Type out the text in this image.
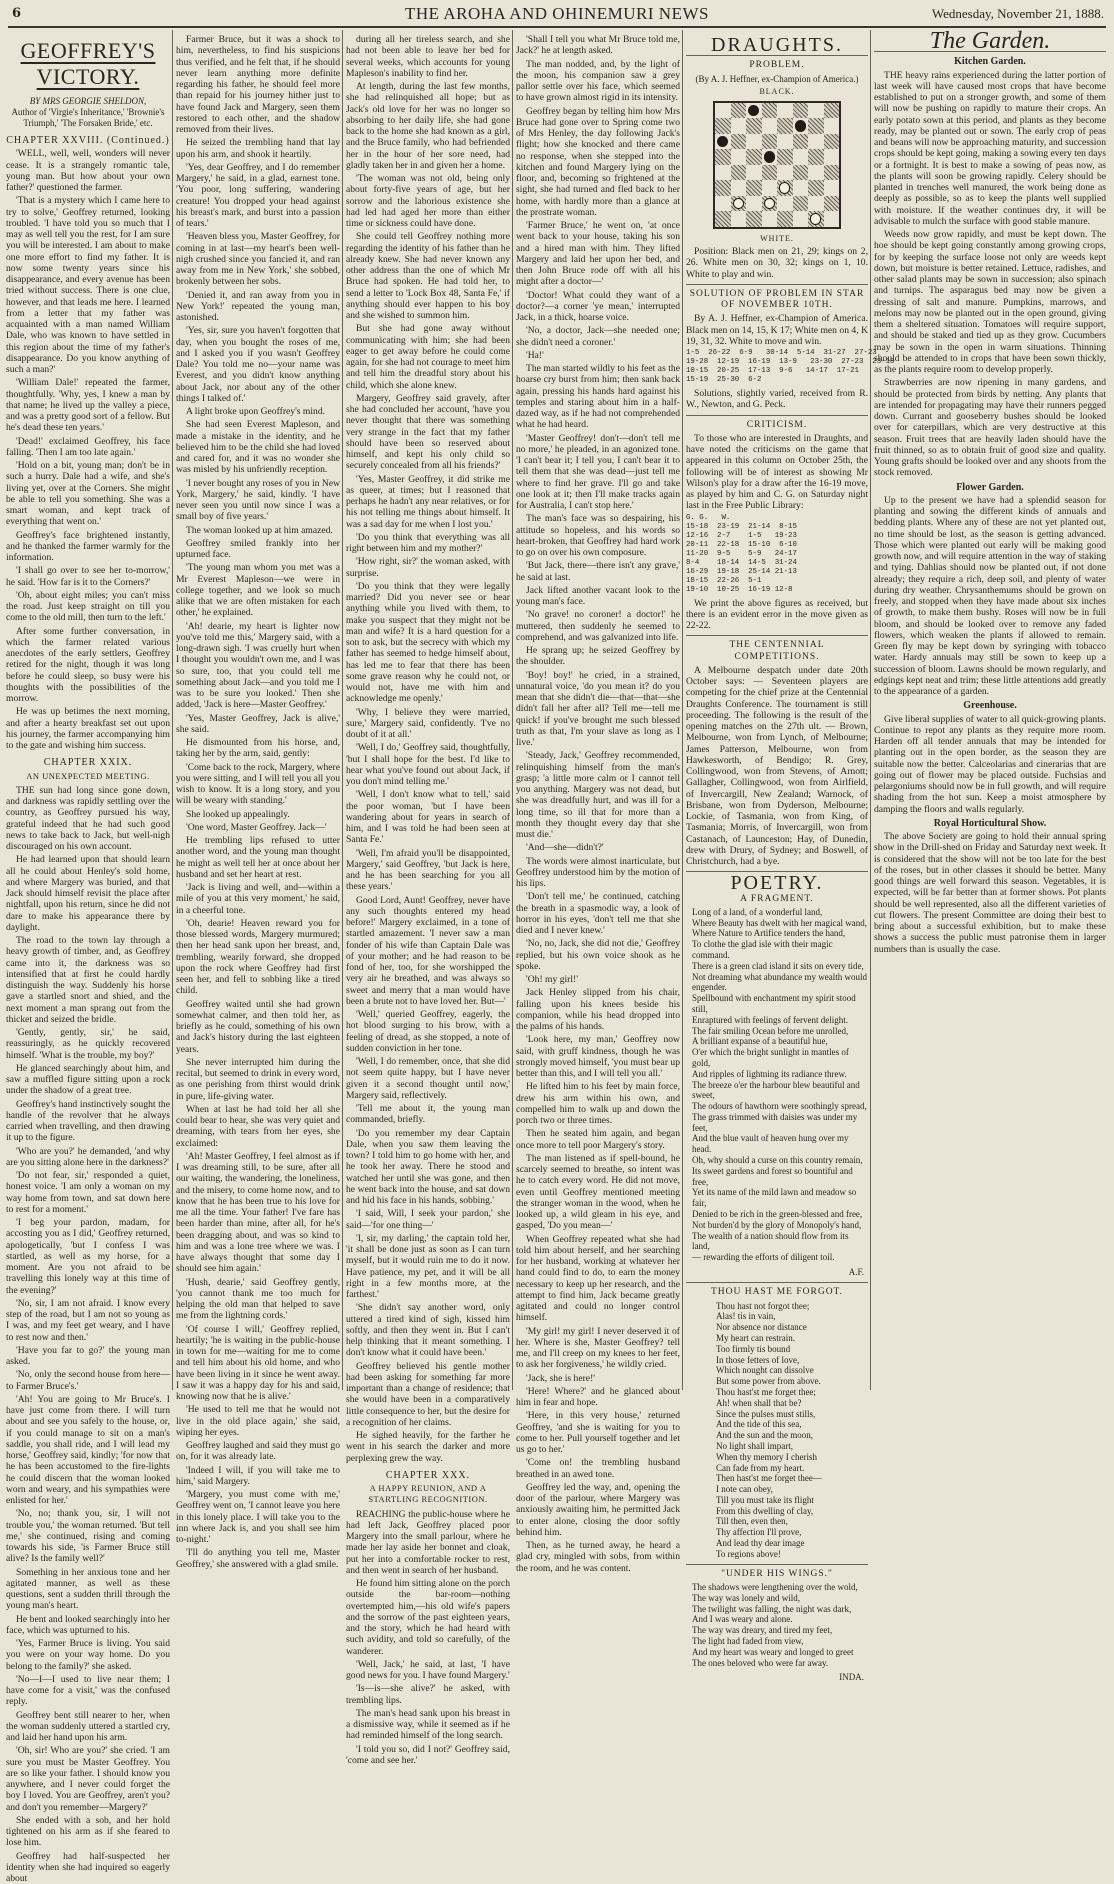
6	THE AROHA AND OHINEMURI NEWS	Wednesday, November 21, 1888.
GEOFFREY'S VICTORY.
BY MRS GEORGIE SHELDON,
Author of 'Virgie's Inheritance,' 'Brownie's Triumph,' 'The Forsaken Bride,' etc.
CHAPTER XXVIII. (Continued.)

'WELL, well, well, wonders will never cease. It is a strangely romantic tale, young man. But how about your own father?' questioned the farmer.

'That is a mystery which I came here to try to solve,' Geoffrey returned, looking troubled. 'I have told you so much that I may as well tell you the rest, for I am sure you will be interested. I am about to make one more effort to find my father. It is now some twenty years since his disappearance, and every avenue has been tried without success. There is one clue, however, and that leads me here. I learned from a letter that my father was acquainted with a man named William Dale, who was known to have settled in this region about the time of my father's disappearance. Do you know anything of such a man?'

'William Dale!' repeated the farmer, thoughtfully. 'Why, yes, I knew a man by that name; he lived up the valley a piece, and was a pretty good sort of a fellow. But he's dead these ten years.'

'Dead!' exclaimed Geoffrey, his face falling. 'Then I am too late again.'

'Hold on a bit, young man; don't be in such a hurry. Dale had a wife, and she's living yet, over at the Corners. She might be able to tell you something. She was a smart woman, and kept track of everything that went on.'

Geoffrey's face brightened instantly, and he thanked the farmer warmly for the information.

'I shall go over to see her to-morrow,' he said. 'How far is it to the Corners?'

'Oh, about eight miles; you can't miss the road. Just keep straight on till you come to the old mill, then turn to the left.'

After some further conversation, in which the farmer related various anecdotes of the early settlers, Geoffrey retired for the night, though it was long before he could sleep, so busy were his thoughts with the possibilities of the morrow.

He was up betimes the next morning, and after a hearty breakfast set out upon his journey, the farmer accompanying him to the gate and wishing him success.

CHAPTER XXIX.
AN UNEXPECTED MEETING.

THE sun had long since gone down, and darkness was rapidly settling over the country, as Geoffrey pursued his way, grateful indeed that he had such good news to take back to Jack, but well-nigh discouraged on his own account.

He had learned upon that should learn all he could about Henley's sold home, and where Margery was buried, and that Jack should himself revisit the place after nightfall, upon his return, since he did not dare to make his appearance there by daylight.

The road to the town lay through a heavy growth of timber, and, as Geoffrey came into it, the darkness was so intensified that at first he could hardly distinguish the way. Suddenly his horse gave a startled snort and shied, and the next moment a man sprang out from the thicket and seized the bridle.

'Gently, gently, sir,' he said, reassuringly, as he quickly recovered himself. 'What is the trouble, my boy?'

He glanced searchingly about him, and saw a muffled figure sitting upon a rock under the shadow of a great tree.

Geoffrey's hand instinctively sought the handle of the revolver that he always carried when travelling, and then drawing it up to the figure.

'Who are you?' he demanded, 'and why are you sitting alone here in the darkness?'

'Do not fear, sir,' responded a quiet, honest voice. 'I am only a woman on my way home from town, and sat down here to rest for a moment.'

'I beg your pardon, madam, for accosting you as I did,' Geoffrey returned, apologetically, 'but I confess I was startled, as well as my horse, for a moment. Are you not afraid to be travelling this lonely way at this time of the evening?'

'No, sir, I am not afraid. I know every step of the road, but I am not so young as I was, and my feet get weary, and I have to rest now and then.'

'Have you far to go?' the young man asked.

'No, only the second house from here—to Farmer Bruce's.'

'Ah! You are going to Mr Bruce's. I have just come from there. I will turn about and see you safely to the house, or, if you could manage to sit on a man's saddle, you shall ride, and I will lead my horse,' Geoffrey said, kindly; 'for now that he has been accustomed to the fire-lights he could discern that the woman looked worn and weary, and his sympathies were enlisted for her.'

'No, no; thank you, sir, I will not trouble you,' the woman returned. 'But tell me,' she continued, rising and coming towards his side, 'is Farmer Bruce still alive? Is the family well?'

Something in her anxious tone and her agitated manner, as well as these questions, sent a sudden thrill through the young man's heart.

He bent and looked searchingly into her face, which was upturned to his.

'Yes, Farmer Bruce is living. You said you were on your way home. Do you belong to the family?' she asked.

'No—I—I used to live near them; I have come for a visit,' was the confused reply.

Geoffrey bent still nearer to her, when the woman suddenly uttered a startled cry, and laid her hand upon his arm.

'Oh, sir! Who are you?' she cried. 'I am sure you must be Master Geoffrey. You are so like your father. I should know you anywhere, and I never could forget the boy I loved. You are Geoffrey, aren't you? and don't you remember—Margery?'

She ended with a sob, and her hold tightened on his arm as if she feared to lose him.

Geoffrey had half-suspected her identity when she had inquired so eagerly about

Farmer Bruce, but it was a shock to him, nevertheless, to find his suspicions thus verified, and he felt that, if he should never learn anything more definite regarding his father, he should feel more than repaid for his journey hither just to have found Jack and Margery, seen them restored to each other, and the shadow removed from their lives.

He seized the trembling hand that lay upon his arm, and shook it heartily.

'Yes, dear Geoffrey, and I do remember Margery,' he said, in a glad, earnest tone. 'You poor, long suffering, wandering creature! You dropped your head against his breast's mark, and burst into a passion of tears.'

'Heaven bless you, Master Geoffrey, for coming in at last—my heart's been well-nigh crushed since you fancied it, and ran away from me in New York,' she sobbed, brokenly between her sobs.

'Denied it, and ran away from you in New York!' repeated the young man, astonished.

'Yes, sir, sure you haven't forgotten that day, when you bought the roses of me, and I asked you if you wasn't Geoffrey Dale? You told me no—your name was Everest, and you didn't know anything about Jack, nor about any of the other things I talked of.'

A light broke upon Geoffrey's mind.

She had seen Everest Mapleson, and made a mistake in the identity, and he believed him to be the child she had loved and cared for, and it was no wonder she was misled by his unfriendly reception.

'I never bought any roses of you in New York, Margery,' he said, kindly. 'I have never seen you until now since I was a small boy of five years.'

The woman looked up at him amazed.

Geoffrey smiled frankly into her upturned face.

'The young man whom you met was a Mr Everest Mapleson—we were in college together, and we look so much alike that we are often mistaken for each other,' he explained.

'Ah! dearie, my heart is lighter now you've told me this,' Margery said, with a long-drawn sigh. 'I was cruelly hurt when I thought you wouldn't own me, and I was so sure, too, that you could tell me something about Jack—and you told me I was to be sure you looked.' Then she added, 'Jack is here—Master Geoffrey.'

'Yes, Master Geoffrey, Jack is alive,' she said.

He dismounted from his horse, and, taking her by the arm, said, gently:

'Come back to the rock, Margery, where you were sitting, and I will tell you all you wish to know. It is a long story, and you will be weary with standing.'

She looked up appealingly.

'One word, Master Geoffrey. Jack—'

He trembling lips refused to utter another word, and the young man thought he might as well tell her at once about her husband and set her heart at rest.

'Jack is living and well, and—within a mile of you at this very moment,' he said, in a cheerful tone.

'Oh, dearie! Heaven reward you for those blessed words, Margery murmured; then her head sank upon her breast, and, trembling, wearily forward, she dropped upon the rock where Geoffrey had first seen her, and fell to sobbing like a tired child.

Geoffrey waited until she had grown somewhat calmer, and then told her, as briefly as he could, something of his own and Jack's history during the last eighteen years.

She never interrupted him during the recital, but seemed to drink in every word, as one perishing from thirst would drink in pure, life-giving water.

When at last he had told her all she could bear to hear, she was very quiet and dreaming, with tears from her eyes, she exclaimed:

'Ah! Master Geoffrey, I feel almost as if I was dreaming still, to be sure, after all our waiting, the wandering, the loneliness, and the misery, to come home now, and to know that he has been true to his love for me all the time. Your father! I've fare has been harder than mine, after all, for he's been dragging about, and was so kind to him and was a lone tree where we was. I have always thought that some day I should see him again.'

'Hush, dearie,' said Geoffrey gently, 'you cannot thank me too much for helping the old man that helped to save me from the lightning cords.'

'Of course I will,' Geoffrey replied, heartily; 'he is waiting in the public-house in town for me—waiting for me to come and tell him about his old home, and who have been living in it since he went away. I saw it was a happy day for his and said, knowing now that he is alive.'

'He used to tell me that he would not live in the old place again,' she said, wiping her eyes.

Geoffrey laughed and said they must go on, for it was already late.

'Indeed I will, if you will take me to him,' said Margery.

'Margery, you must come with me,' Geoffrey went on, 'I cannot leave you here in this lonely place. I will take you to the inn where Jack is, and you shall see him to-night.'

'I'll do anything you tell me, Master Geoffrey,' she answered with a glad smile.

during all her tireless search, and she had not been able to leave her bed for several weeks, which accounts for young Mapleson's inability to find her.

At length, during the last few months, she had relinquished all hope; but as Jack's old love for her was no longer so absorbing to her daily life, she had gone back to the home she had known as a girl, and the Bruce family, who had befriended her in the hour of her sore need, had gladly taken her in and given her a home.

'The woman was not old, being only about forty-five years of age, but her sorrow and the laborious existence she had led had aged her more than either time or sickness could have done.

She could tell Geoffrey nothing more regarding the identity of his father than he already knew. She had never known any other address than the one of which Mr Bruce had spoken. He had told her, to send a letter to 'Lock Box 48, Santa Fe,' if anything should ever happen to his boy and she wished to summon him.

But she had gone away without communicating with him; she had been eager to get away before he could come again, for she had not courage to meet him and tell him the dreadful story about his child, which she alone knew.

Margery, Geoffrey said gravely, after she had concluded her account, 'have you never thought that there was something very strange in the fact that my father should have been so reserved about himself, and kept his only child so securely concealed from all his friends?'

'Yes, Master Geoffrey, it did strike me as queer, at times; but I reasoned that perhaps he hadn't any near relatives, or for his not telling me things about himself. It was a sad day for me when I lost you.'

'Do you think that everything was all right between him and my mother?'

'How right, sir?' the woman asked, with surprise.

'Do you think that they were legally married? Did you never see or hear anything while you lived with them, to make you suspect that they might not be man and wife? It is a hard question for a son to ask, but the secrecy with which my father has seemed to hedge himself about, has led me to fear that there has been some grave reason why he could not, or would not, have me with him and acknowledge me openly.'

'Why, I believe they were married, sure,' Margery said, confidently. 'I've no doubt of it at all.'

'Well, I do,' Geoffrey said, thoughtfully, 'but I shall hope for the best. I'd like to hear what you've found out about Jack, if you don't mind telling me.'

'Well, I don't know what to tell,' said the poor woman, 'but I have been wandering about for years in search of him, and I was told he had been seen at Santa Fe.'

'Well, I'm afraid you'll be disappointed, Margery,' said Geoffrey, 'but Jack is here, and he has been searching for you all these years.'

Good Lord, Aunt! Geoffrey, never have any such thoughts entered my head before!' Margery exclaimed, in a tone of startled amazement. 'I never saw a man fonder of his wife than Captain Dale was of your mother; and he had reason to be fond of her, too, for she worshipped the very air he breathed, and was always so sweet and merry that a man would have been a brute not to have loved her. But—'

'Well,' queried Geoffrey, eagerly, the hot blood surging to his brow, with a feeling of dread, as she stopped, a note of sudden conviction in her tone.

'Well, I do remember, once, that she did not seem quite happy, but I have never given it a second thought until now,' Margery said, reflectively.

'Tell me about it, the young man commanded, briefly.

'Do you remember my dear Captain Dale, when you saw them leaving the town? I told him to go home with her, and he took her away. There he stood and watched her until she was gone, and then he went back into the house, and sat down and hid his face in his hands, sobbing.'

'I said, Will, I seek your pardon,' she said—'for one thing—'

'I, sir, my darling,' the captain told her, 'it shall be done just as soon as I can turn myself, but it would ruin me to do it now. Have patience, my pet, and it will be all right in a few months more, at the farthest.'

'She didn't say another word, only uttered a tired kind of sigh, kissed him softly, and then they went in. But I can't help thinking that it meant something. I don't know what it could have been.'

Geoffrey believed his gentle mother had been asking for something far more important than a change of residence; that she would have been in a comparatively little consequence to her, but the desire for a recognition of her claims.

He sighed heavily, for the farther he went in his search the darker and more perplexing grew the way.

CHAPTER XXX.
A HAPPY REUNION, AND A STARTLING RECOGNITION.

REACHING the public-house where he had left Jack, Geoffrey placed poor Margery into the small parlour, where he made her lay aside her bonnet and cloak, put her into a comfortable rocker to rest, and then went in search of her husband.

He found him sitting alone on the porch outside the bar-room—nothing overtempted him,—his old wife's papers and the sorrow of the past eighteen years, and the story, which he had heard with such avidity, and told so carefully, of the wanderer.

'Well, Jack,' he said, at last, 'I have good news for you. I have found Margery.'

'Is—is—she alive?' he asked, with trembling lips.

The man's head sank upon his breast in a dismissive way, while it seemed as if he had reminded himself of the long search.

'I told you so, did I not?' Geoffrey said, 'come and see her.'

'Shall I tell you what Mr Bruce told me, Jack?' he at length asked.

The man nodded, and, by the light of the moon, his companion saw a grey pallor settle over his face, which seemed to have grown almost rigid in its intensity.

Geoffrey began by telling him how Mrs Bruce had gone over to Spring come two of Mrs Henley, the day following Jack's flight; how she knocked and there came no response, when she stepped into the kitchen and found Margery lying on the floor, and, becoming so frightened at the sight, she had turned and fled back to her home, with hardly more than a glance at the prostrate woman.

'Farmer Bruce,' he went on, 'at once went back to your house, taking his son and a hired man with him. They lifted Margery and laid her upon her bed, and then John Bruce rode off with all his might after a doctor—'

'Doctor! What could they want of a doctor?—a corner 'ye mean,' interrupted Jack, in a thick, hoarse voice.

'No, a doctor, Jack—she needed one; she didn't need a coroner.'

'Ha!'

The man started wildly to his feet as the hoarse cry burst from him; then sank back again, pressing his hands hard against his temples and staring about him in a half-dazed way, as if he had not comprehended what he had heard.

'Master Geoffrey! don't—don't tell me no more,' he pleaded, in an agonized tone. 'I can't bear it; I tell you, I can't bear it to tell them that she was dead—just tell me where to find her grave. I'll go and take one look at it; then I'll make tracks again for Australia, I can't stop here.'

The man's face was so despairing, his attitude so hopeless, and his words so heart-broken, that Geoffrey had hard work to go on over his own composure.

'But Jack, there—there isn't any grave,' he said at last.

Jack lifted another vacant look to the young man's face.

'No grave! no coroner! a doctor!' he muttered, then suddenly he seemed to comprehend, and was galvanized into life.

He sprang up; he seized Geoffrey by the shoulder.

'Boy! boy!' he cried, in a strained, unnatural voice, 'do you mean it? do you mean that she didn't die—that—that—she didn't fall her after all? Tell me—tell me quick! if you've brought me such blessed truth as that, I'm your slave as long as I live.'

'Steady, Jack,' Geoffrey recommended, relinquishing himself from the man's grasp; 'a little more calm or I cannot tell you anything. Margery was not dead, but she was dreadfully hurt, and was ill for a long time, so ill that for more than a month they thought every day that she must die.'

'And—she—didn't?'

The words were almost inarticulate, but Geoffrey understood him by the motion of his lips.

'Don't tell me,' he continued, catching the breath in a spasmodic way, a look of horror in his eyes, 'don't tell me that she died and I never knew.'

'No, no, Jack, she did not die,' Geoffrey replied, but his own voice shook as he spoke.

'Oh! my girl!'

Jack Henley slipped from his chair, falling upon his knees beside his companion, while his head dropped into the palms of his hands.

'Look here, my man,' Geoffrey now said, with gruff kindness, though he was strongly moved himself, 'you must bear up better than this, and I will tell you all.'

He lifted him to his feet by main force, drew his arm within his own, and compelled him to walk up and down the porch two or three times.

Then he seated him again, and began once more to tell poor Margery's story.

The man listened as if spell-bound, he scarcely seemed to breathe, so intent was he to catch every word. He did not move, even until Geoffrey mentioned meeting the stranger woman in the wood, when he looked up, a wild gleam in his eye, and gasped, 'Do you mean—'

When Geoffrey repeated what she had told him about herself, and her searching for her husband, working at whatever her hand could find to do, to earn the money necessary to keep up her research, and the attempt to find him, Jack became greatly agitated and could no longer control himself.

'My girl! my girl! I never deserved it of her. Where is she, Master Geoffrey? tell me, and I'll creep on my knees to her feet, to ask her forgiveness,' he wildly cried.

'Jack, she is here!'

'Here! Where?' and he glanced about him in fear and hope.

'Here, in this very house,' returned Geoffrey, 'and she is waiting for you to come to her. Pull yourself together and let us go to her.'

'Come on! the trembling husband breathed in an awed tone.

Geoffrey led the way, and, opening the door of the parlour, where Margery was anxiously awaiting him, he permitted Jack to enter alone, closing the door softly behind him.

Then, as he turned away, he heard a glad cry, mingled with sobs, from within the room, and he was content.

DRAUGHTS.
PROBLEM.
(By A. J. Heffner, ex-Champion of America.)
BLACK.
WHITE.

Position: Black men on 21, 29; kings on 2, 26. White men on 30, 32; kings on 1, 10. White to play and win.

SOLUTION OF PROBLEM IN STAR OF NOVEMBER 10TH.

By A. J. Heffner, ex-Champion of America. Black men on 14, 15, K 17; White men on 4, K 19, 31, 32. White to move and win.

1-5  26-22  6-9   30-14  5-14  31-27  27-23
19-28  12-19  16-19  13-9   23-30  27-23  23-18
10-15  20-25  17-13  9-6   14-17  17-21
15-19  25-30  6-2

Solutions, slightly varied, received from R. W., Newton, and G. Peck.

CRITICISM.

To those who are interested in Draughts, and have noted the criticisms on the game that appeared in this column on October 25th, the following will be of interest as showing Mr Wilson's play for a draw after the 16-19 move, as played by him and C. G. on Saturday night last in the Free Public Library:

G. G.   W.
15-18  23-19  21-14  8-15
12-16  2-7    1-5   19-23
20-11  22-18  15-10  6-10
11-20  9-5    5-9   24-17
8-4    18-14  14-5  31-24
16-29  19-18  25-14 21-13
18-15  22-26  5-1
19-10  10-25  16-19 12-8

We print the above figures as received, but there is an evident error in the move given as 22-22.

THE CENTENNIAL COMPETITIONS.

A Melbourne despatch under date 20th October says: — Seventeen players are competing for the chief prize at the Centennial Draughts Conference. The tournament is still proceeding. The following is the result of the opening matches on the 27th ult. — Brown, Melbourne, won from Lynch, of Melbourne; James Patterson, Melbourne, won from Hawkesworth, of Bendigo; R. Grey, Collingwood, won from Stevens, of Arnott; Gallagher, Collingwood, won from Airlfield, of Invercargill, New Zealand; Warnock, of Brisbane, won from Dyderson, Melbourne; Lockie, of Tasmania, won from King, of Tasmania; Morris, of Invercargill, won from Castanach, of Launceston; Hay, of Dunedin, drew with Drury, of Sydney; and Boswell, of Christchurch, had a bye.

POETRY.
A FRAGMENT.
Long of a land, of a wonderful land,
Where Beauty has dwelt with her magical wand,
Where Nature to Artifice tenders the hand,
To clothe the glad isle with their magic command.
There is a green clad island it sits on every tide,
Not dreaming what abundance my wealth would engender.
Spellbound with enchantment my spirit stood still,
Enraptured with feelings of fervent delight.
The fair smiling Ocean before me unrolled,
A brilliant expanse of a beautiful hue,
O'er which the bright sunlight in mantles of gold,
And ripples of lightning its radiance threw.
The breeze o'er the harbour blew beautiful and sweet,
The odours of hawthorn were soothingly spread,
The grass trimmed with daisies was under my feet,
And the blue vault of heaven hung over my head.
Oh, why should a curse on this country remain,
Its sweet gardens and forest so bountiful and free,
Yet its name of the mild lawn and meadow so fair,
Denied to be rich in the green-blessed and free,
Not burden'd by the glory of Monopoly's hand,
The wealth of a nation should flow from its land,
— rewarding the efforts of diligent toil.
A.F.
THOU HAST ME FORGOT.
Thou hast not forgot thee;
Alas! tis in vain,
Nor absence nor distance
My heart can restrain.
Too firmly tis bound
In those fetters of love,
Which nought can dissolve
But some power from above.
Thou hast'st me forget thee;
Ah! when shall that be?
Since the pulses must stills,
And the tide of this sea,
And the sun and the moon,
No light shall impart,
When thy memory I cherish
Can fade from my heart.
Then hast'st me forget thee—
I note can obey,
Till you must take its flight
From this dwelling of clay,
Till then, even then,
Thy affection I'll prove,
And lead thy dear image
To regions above!
"UNDER HIS WINGS."
The shadows were lengthening over the wold,
The way was lonely and wild,
The twilight was falling, the night was dark,
And I was weary and alone.
The way was dreary, and tired my feet,
The light had faded from view,
And my heart was weary and longed to greet
The ones beloved who were far away.
INDA.
The Garden.
Kitchen Garden.

THE heavy rains experienced during the latter portion of last week will have caused most crops that have become established to put on a stronger growth, and some of them will now be pushing on rapidly to mature their crops. An early potato sown at this period, and plants as they become ready, may be planted out or sown. The early crop of peas and beans will now be approaching maturity, and succession crops should be kept going, making a sowing every ten days or a fortnight. It is best to make a sowing of peas now, as the plants will soon be growing rapidly. Celery should be planted in trenches well manured, the work being done as deeply as possible, so as to keep the plants well supplied with moisture. If the weather continues dry, it will be advisable to mulch the surface with good stable manure.

Weeds now grow rapidly, and must be kept down. The hoe should be kept going constantly among growing crops, for by keeping the surface loose not only are weeds kept down, but moisture is better retained. Lettuce, radishes, and other salad plants may be sown in succession; also spinach and turnips. The asparagus bed may now be given a dressing of salt and manure. Pumpkins, marrows, and melons may now be planted out in the open ground, giving them a sheltered situation. Tomatoes will require support, and should be staked and tied up as they grow. Cucumbers may be sown in the open in warm situations. Thinning should be attended to in crops that have been sown thickly, as the plants require room to develop properly.

Strawberries are now ripening in many gardens, and should be protected from birds by netting. Any plants that are intended for propagating may have their runners pegged down. Currant and gooseberry bushes should be looked over for caterpillars, which are very destructive at this season. Fruit trees that are heavily laden should have the fruit thinned, so as to obtain fruit of good size and quality. Young grafts should be looked over and any shoots from the stock removed.

Flower Garden.

Up to the present we have had a splendid season for planting and sowing the different kinds of annuals and bedding plants. Where any of these are not yet planted out, no time should be lost, as the season is getting advanced. Those which were planted out early will be making good growth now, and will require attention in the way of staking and tying. Dahlias should now be planted out, if not done already; they require a rich, deep soil, and plenty of water during dry weather. Chrysanthemums should be grown on freely, and stopped when they have made about six inches of growth, to make them bushy. Roses will now be in full bloom, and should be looked over to remove any faded flowers, which weaken the plants if allowed to remain. Green fly may be kept down by syringing with tobacco water. Hardy annuals may still be sown to keep up a succession of bloom. Lawns should be mown regularly, and edgings kept neat and trim; these little attentions add greatly to the appearance of a garden.

Greenhouse.

Give liberal supplies of water to all quick-growing plants. Continue to repot any plants as they require more room. Harden off all tender annuals that may be intended for planting out in the open border, as the season they are suitable now the better. Calceolarias and cinerarias that are going out of flower may be placed outside. Fuchsias and pelargoniums should now be in full growth, and will require shading from the hot sun. Keep a moist atmosphere by damping the floors and walls regularly.

Royal Horticultural Show.

The above Society are going to hold their annual spring show in the Drill-shed on Friday and Saturday next week. It is considered that the show will not be too late for the best of the roses, but in other classes it should be better. Many good things are well forward this season. Vegetables, it is expected, will be far better than at former shows. Pot plants should be well represented, also all the different varieties of cut flowers. The present Committee are doing their best to bring about a successful exhibition, but to make these shows a success the public must patronise them in larger numbers than is usually the case.
